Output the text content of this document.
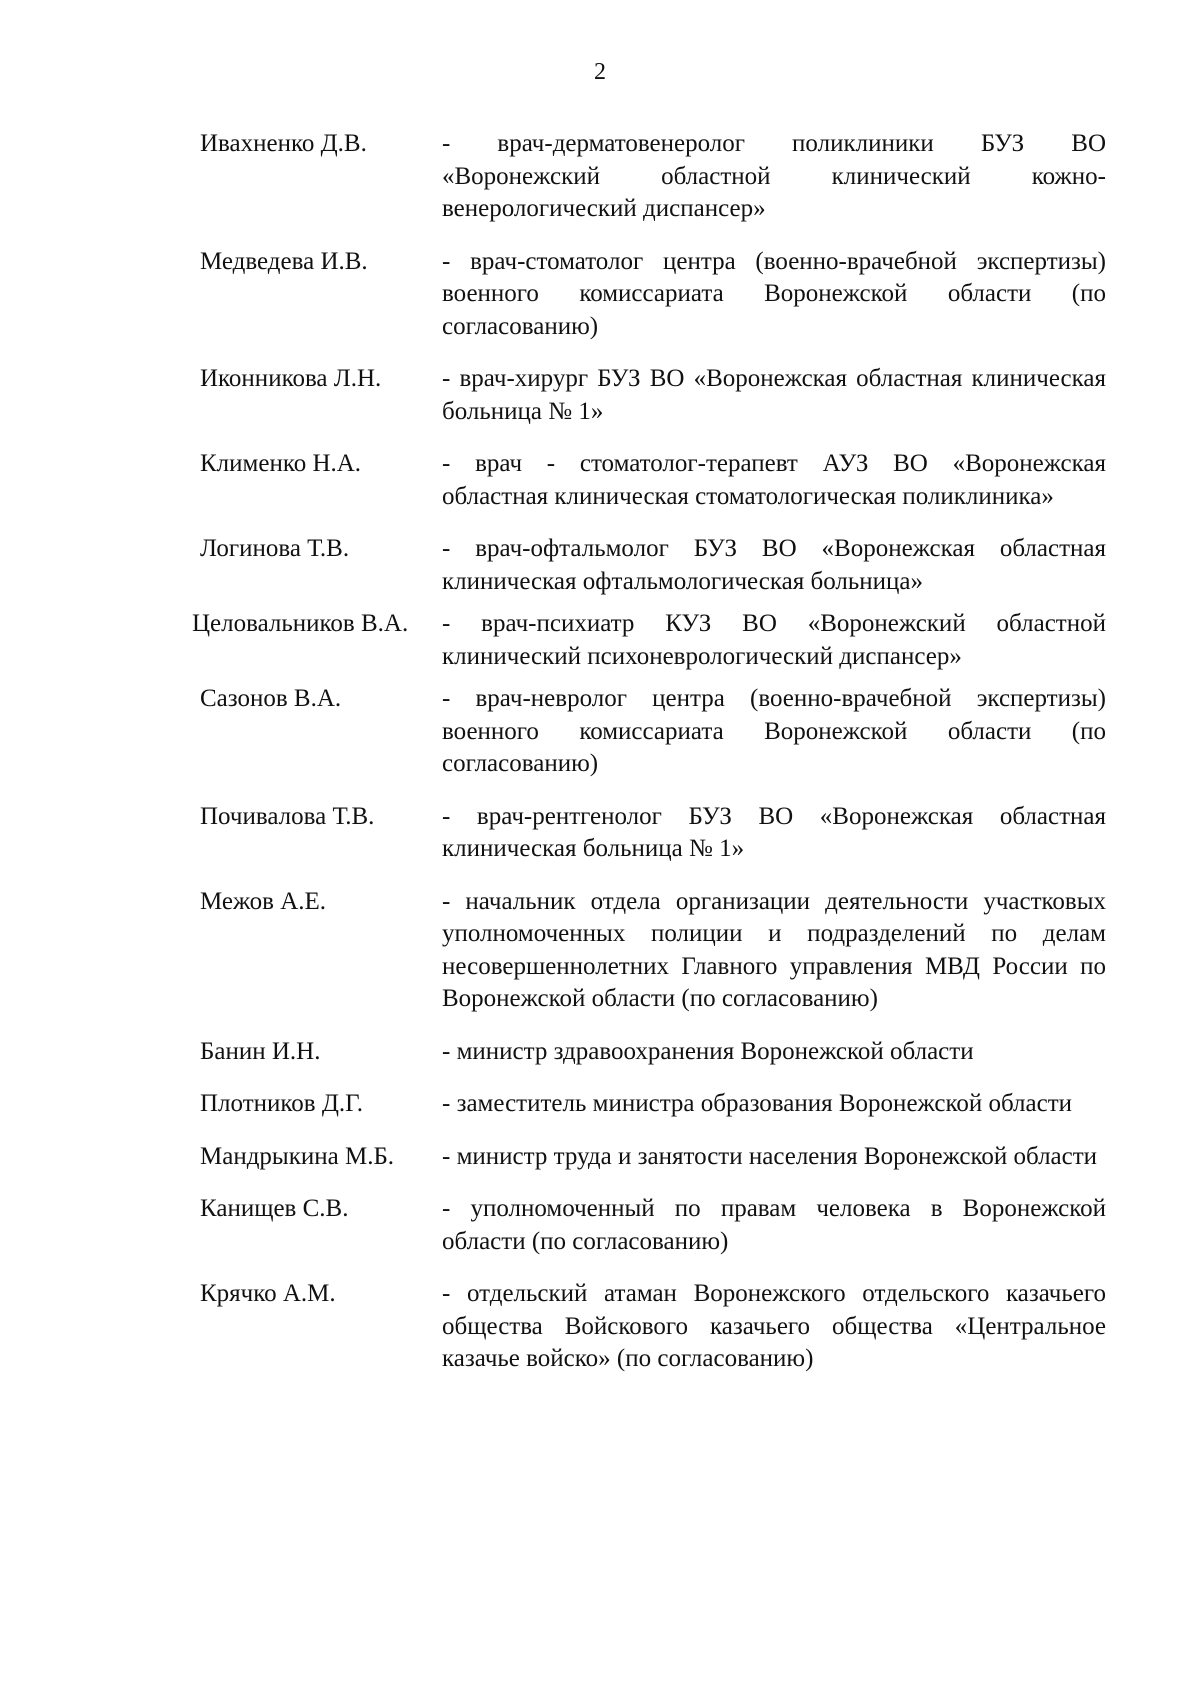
2
Ивахненко Д.В.	- врач-дерматовенеролог поликлиники БУЗ ВО «Воронежский областной клинический кожно-венерологический диспансер»
Медведева И.В.	- врач-стоматолог центра (военно-врачебной экспертизы) военного комиссариата Воронежской области (по согласованию)
Иконникова Л.Н.	- врач-хирург БУЗ ВО «Воронежская областная клиническая больница № 1»
Клименко Н.А.	- врач - стоматолог-терапевт АУЗ ВО «Воронежская областная клиническая стоматологическая поликлиника»
Логинова Т.В.	- врач-офтальмолог БУЗ ВО «Воронежская областная клиническая офтальмологическая больница»
Целовальников В.А.	- врач-психиатр КУЗ ВО «Воронежский областной клинический психоневрологический диспансер»
Сазонов В.А.	- врач-невролог центра (военно-врачебной экспертизы) военного комиссариата Воронежской области (по согласованию)
Почивалова Т.В.	- врач-рентгенолог БУЗ ВО «Воронежская областная клиническая больница № 1»
Межов А.Е.	- начальник отдела организации деятельности участковых уполномоченных полиции и подразделений по делам несовершеннолетних Главного управления МВД России по Воронежской области (по согласованию)
Банин И.Н.	- министр здравоохранения Воронежской области
Плотников Д.Г.	- заместитель министра образования Воронежской области
Мандрыкина М.Б.	- министр труда и занятости населения Воронежской области
Канищев С.В.	- уполномоченный по правам человека в Воронежской области (по согласованию)
Крячко А.М.	- отдельский атаман Воронежского отдельского казачьего общества Войскового казачьего общества «Центральное казачье войско» (по согласованию)
